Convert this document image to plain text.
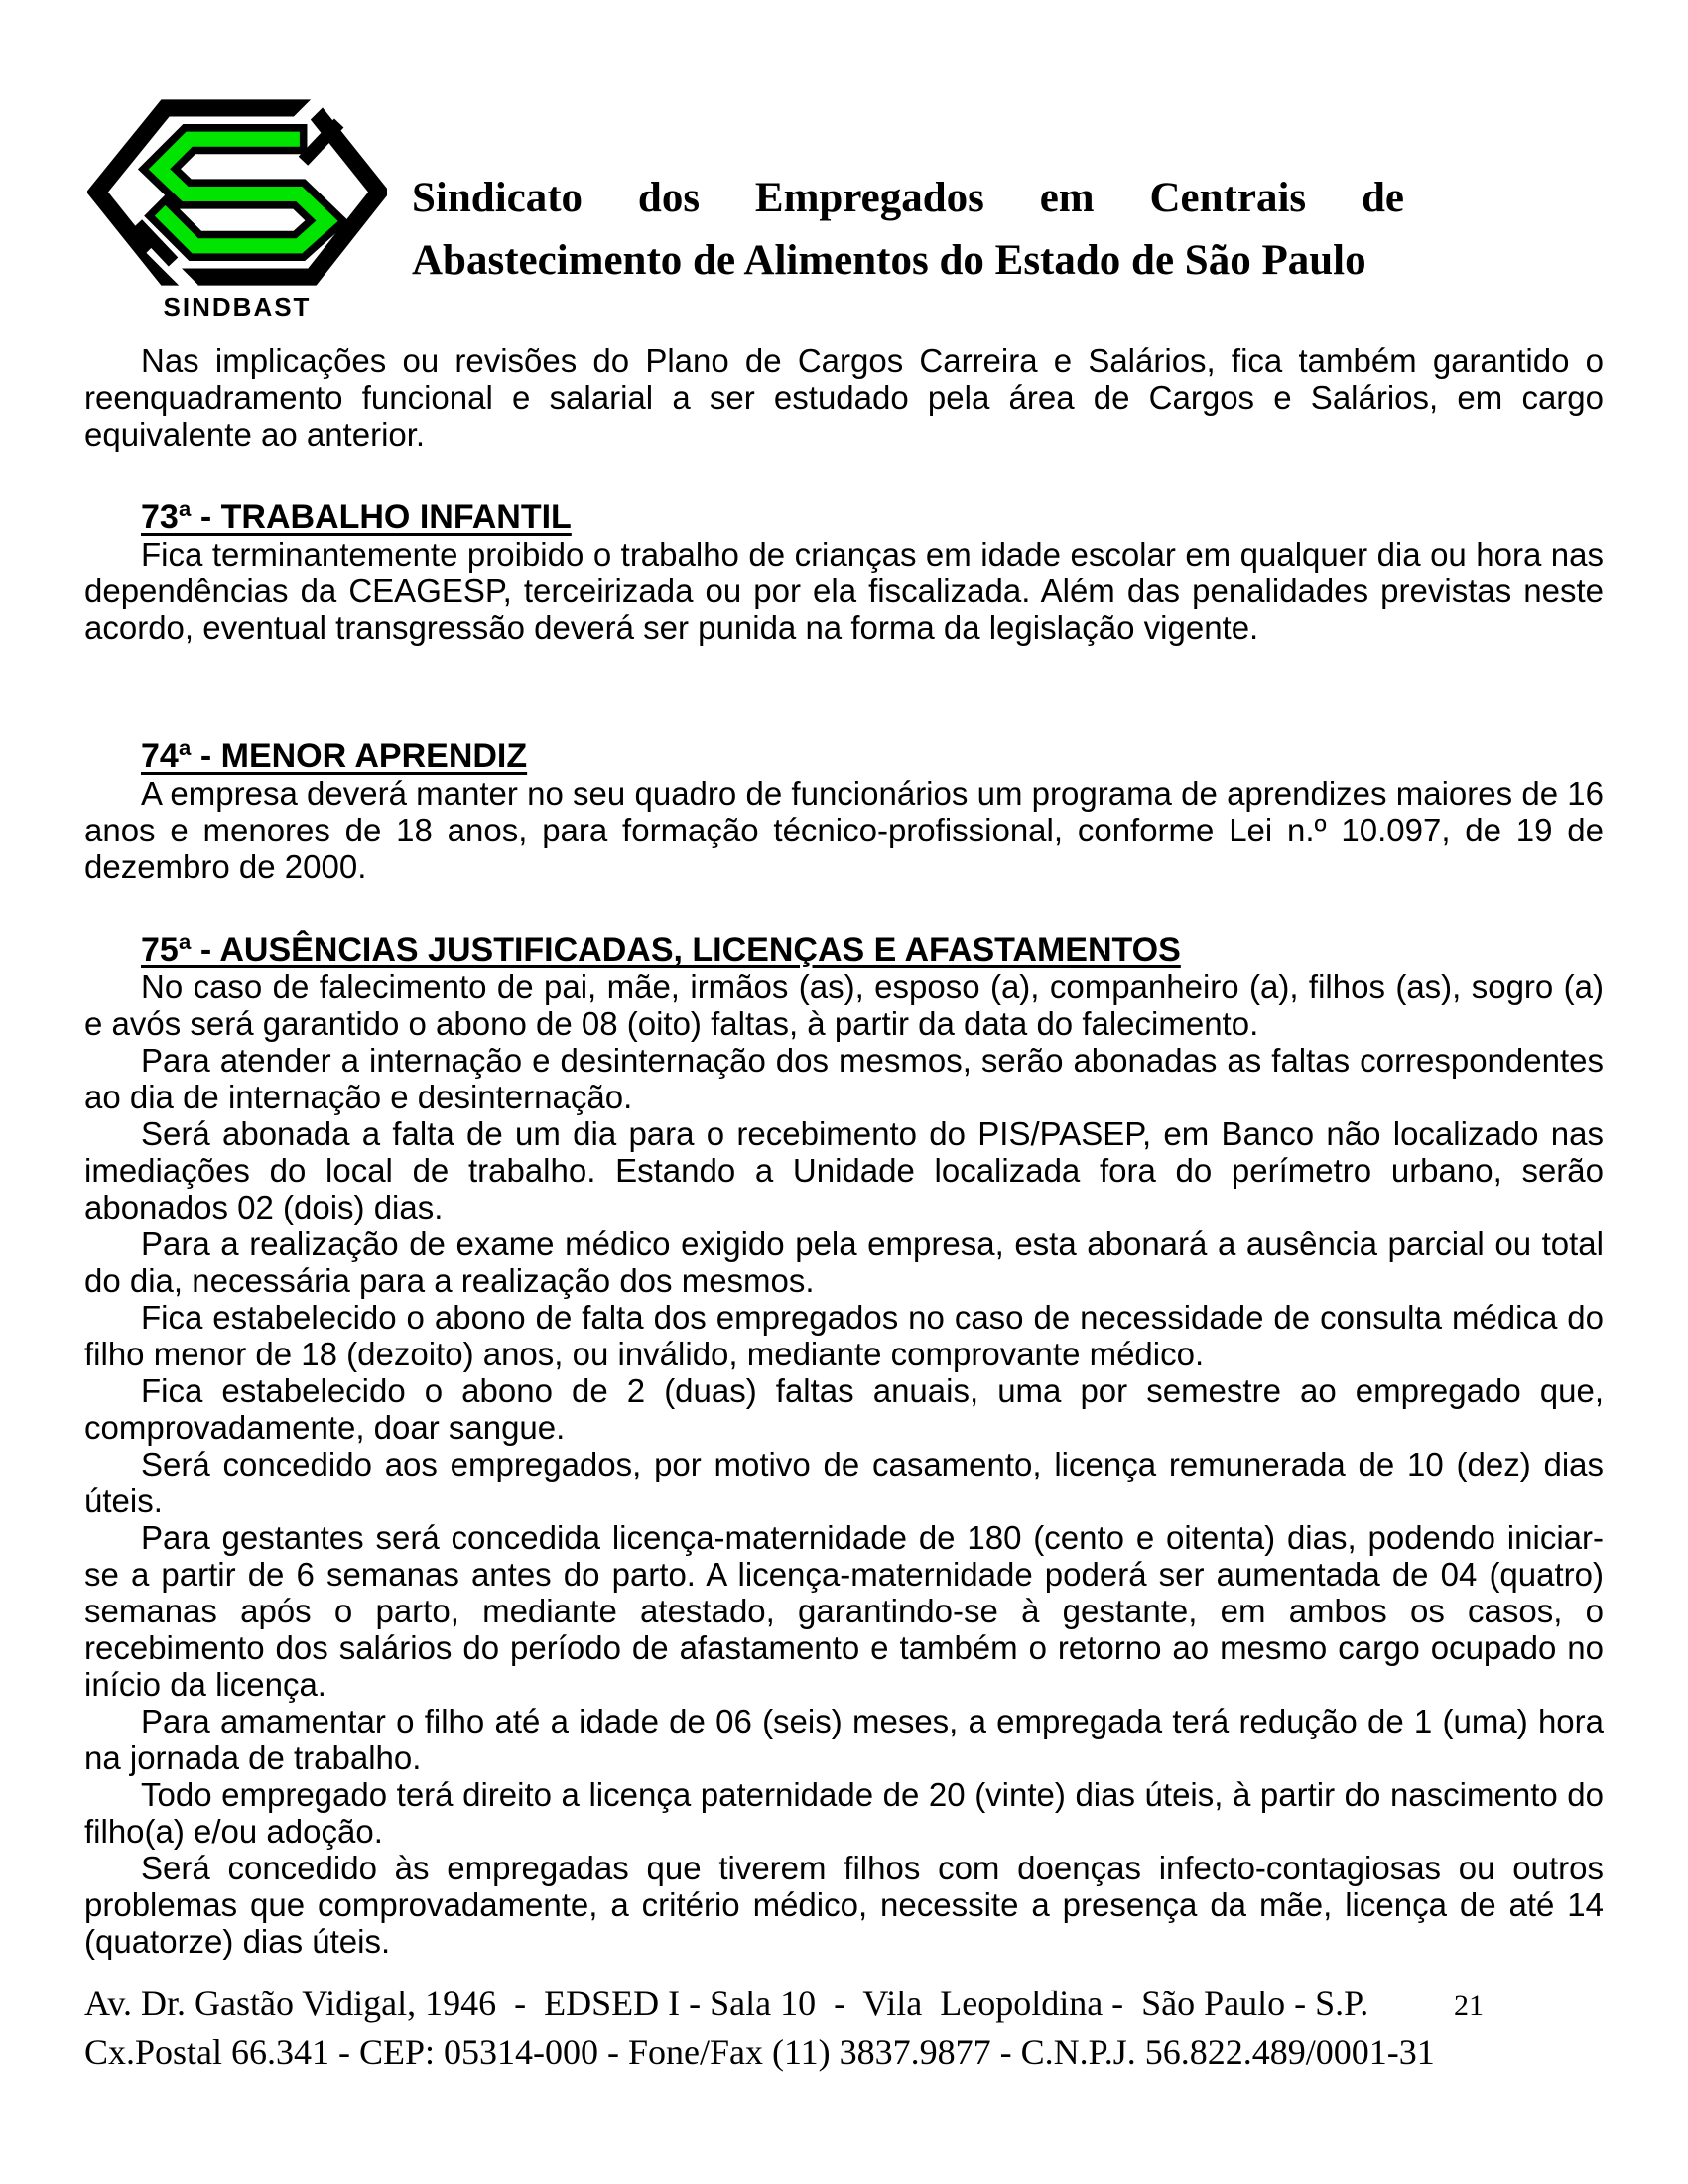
SINDBAST
Sindicato dos Empregados em Centrais de
Abastecimento de Alimentos do Estado de São Paulo

Nas implicações ou revisões do Plano de Cargos Carreira e Salários, fica também garantido o reenquadramento funcional e salarial a ser estudado pela área de Cargos e Salários, em cargo equivalente ao anterior.

73ª - TRABALHO INFANTIL

Fica terminantemente proibido o trabalho de crianças em idade escolar em qualquer dia ou hora nas dependências da CEAGESP, terceirizada ou por ela fiscalizada. Além das penalidades previstas neste acordo, eventual transgressão deverá ser punida na forma da legislação vigente.

74ª - MENOR APRENDIZ

A empresa deverá manter no seu quadro de funcionários um programa de aprendizes maiores de 16 anos e menores de 18 anos, para formação técnico-profissional, conforme Lei n.º 10.097, de 19 de dezembro de 2000.

75ª - AUSÊNCIAS JUSTIFICADAS, LICENÇAS E AFASTAMENTOS

No caso de falecimento de pai, mãe, irmãos (as), esposo (a), companheiro (a), filhos (as), sogro (a) e avós será garantido o abono de 08 (oito) faltas, à partir da data do falecimento.

Para atender a internação e desinternação dos mesmos, serão abonadas as faltas correspondentes ao dia de internação e desinternação.

Será abonada a falta de um dia para o recebimento do PIS/PASEP, em Banco não localizado nas imediações do local de trabalho. Estando a Unidade localizada fora do perímetro urbano, serão abonados 02 (dois) dias.

Para a realização de exame médico exigido pela empresa, esta abonará a ausência parcial ou total do dia, necessária para a realização dos mesmos.

Fica estabelecido o abono de falta dos empregados no caso de necessidade de consulta médica do filho menor de 18 (dezoito) anos, ou inválido, mediante comprovante médico.

Fica estabelecido o abono de 2 (duas) faltas anuais, uma por semestre ao empregado que, comprovadamente, doar sangue.

Será concedido aos empregados, por motivo de casamento, licença remunerada de 10 (dez) dias úteis.

Para gestantes será concedida licença-maternidade de 180 (cento e oitenta) dias, podendo iniciar-se a partir de 6 semanas antes do parto. A licença-maternidade poderá ser aumentada de 04 (quatro) semanas após o parto, mediante atestado, garantindo-se à gestante, em ambos os casos, o recebimento dos salários do período de afastamento e também o retorno ao mesmo cargo ocupado no início da licença.

Para amamentar o filho até a idade de 06 (seis) meses, a empregada terá redução de 1 (uma) hora na jornada de trabalho.

Todo empregado terá direito a licença paternidade de 20 (vinte) dias úteis, à partir do nascimento do filho(a) e/ou adoção.

Será concedido às empregadas que tiverem filhos com doenças infecto-contagiosas ou outros problemas que comprovadamente, a critério médico, necessite a presença da mãe, licença de até 14 (quatorze) dias úteis.

Av. Dr. Gastão Vidigal, 1946  -  EDSED I - Sala 10  -  Vila  Leopoldina -  São Paulo - S.P.
Cx.Postal 66.341 - CEP: 05314-000 - Fone/Fax (11) 3837.9877 - C.N.P.J. 56.822.489/0001-31
21
